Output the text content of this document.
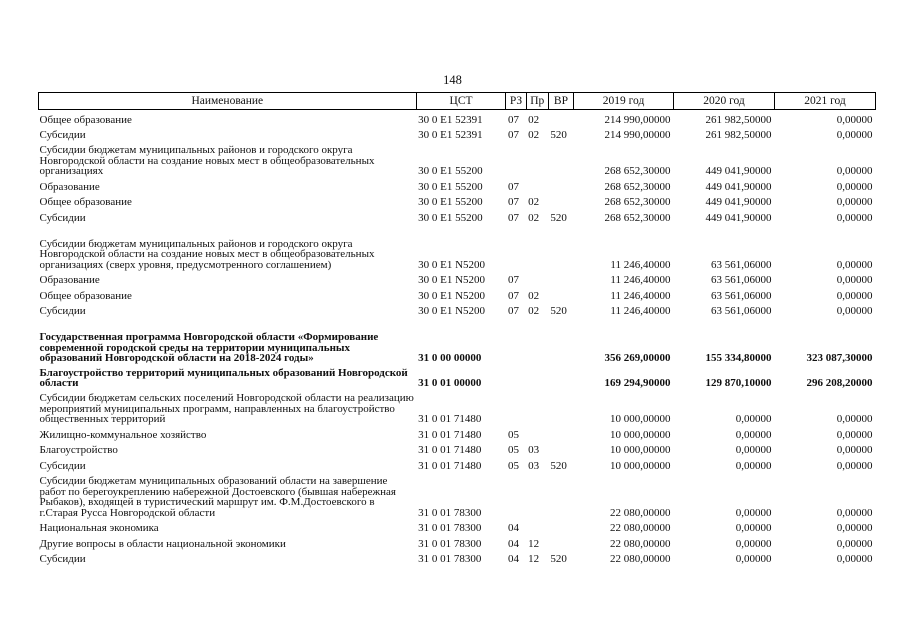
148
Наименование	ЦСТ	РЗ	Пр	ВР	2019 год	2020 год	2021 год
Общее образование	30 0 E1 52391	07	02		214 990,00000	261 982,50000	0,00000
Субсидии	30 0 E1 52391	07	02	520	214 990,00000	261 982,50000	0,00000
Субсидии бюджетам муниципальных районов и городского округа Новгородской области на создание новых мест в общеобразовательных организациях	30 0 E1 55200				268 652,30000	449 041,90000	0,00000
Образование	30 0 E1 55200	07			268 652,30000	449 041,90000	0,00000
Общее образование	30 0 E1 55200	07	02		268 652,30000	449 041,90000	0,00000
Субсидии	30 0 E1 55200	07	02	520	268 652,30000	449 041,90000	0,00000
Субсидии бюджетам муниципальных районов и городского округа Новгородской области на создание новых мест в общеобразовательных организациях (сверх уровня, предусмотренного соглашением)	30 0 E1 N5200				11 246,40000	63 561,06000	0,00000
Образование	30 0 E1 N5200	07			11 246,40000	63 561,06000	0,00000
Общее образование	30 0 E1 N5200	07	02		11 246,40000	63 561,06000	0,00000
Субсидии	30 0 E1 N5200	07	02	520	11 246,40000	63 561,06000	0,00000
Государственная программа Новгородской области «Формирование современной городской среды на территории муниципальных образований Новгородской области на 2018-2024 годы»	31 0 00 00000				356 269,00000	155 334,80000	323 087,30000
Благоустройство территорий муниципальных образований Новгородской области	31 0 01 00000				169 294,90000	129 870,10000	296 208,20000
Субсидии бюджетам сельских поселений Новгородской области на реализацию мероприятий муниципальных программ, направленных на благоустройство общественных территорий	31 0 01 71480				10 000,00000	0,00000	0,00000
Жилищно-коммунальное хозяйство	31 0 01 71480	05			10 000,00000	0,00000	0,00000
Благоустройство	31 0 01 71480	05	03		10 000,00000	0,00000	0,00000
Субсидии	31 0 01 71480	05	03	520	10 000,00000	0,00000	0,00000
Субсидии бюджетам муниципальных образований области на завершение работ по берегоукреплению набережной Достоевского (бывшая набережная Рыбаков), входящей в туристический маршрут им. Ф.М.Достоевского в г.Старая Русса Новгородской области	31 0 01 78300				22 080,00000	0,00000	0,00000
Национальная экономика	31 0 01 78300	04			22 080,00000	0,00000	0,00000
Другие вопросы в области национальной экономики	31 0 01 78300	04	12		22 080,00000	0,00000	0,00000
Субсидии	31 0 01 78300	04	12	520	22 080,00000	0,00000	0,00000
